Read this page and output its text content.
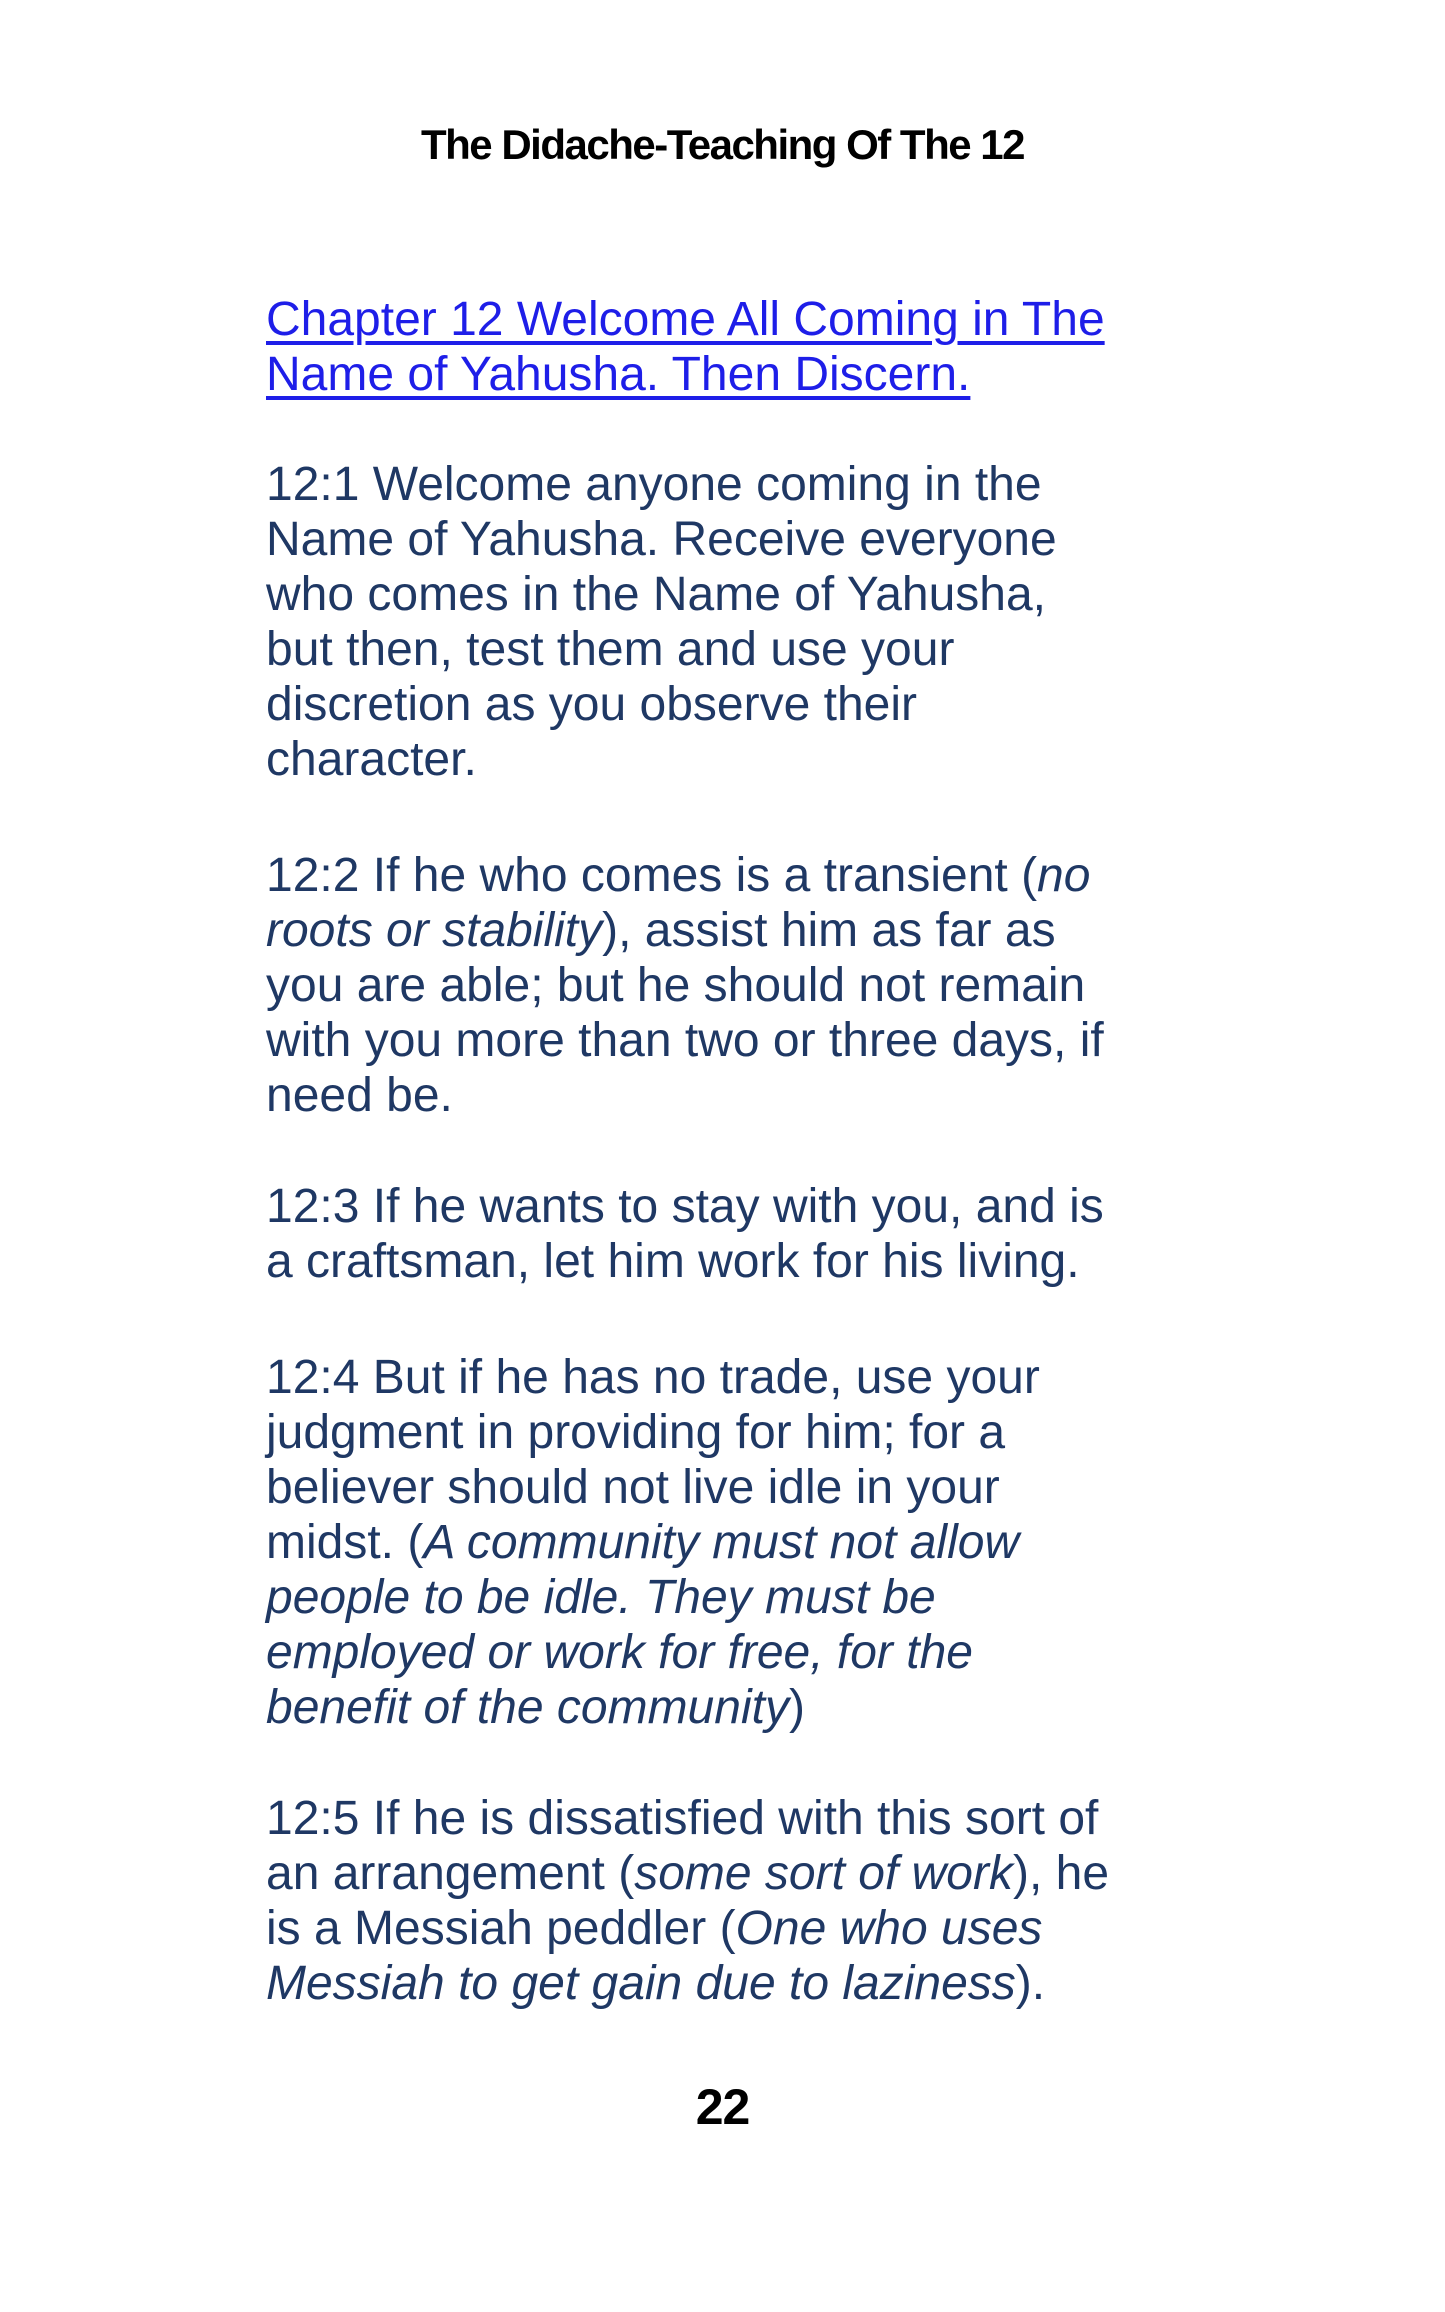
The Didache-Teaching Of The 12
Chapter 12 Welcome All Coming in The Name of Yahusha. Then Discern.
12:1 Welcome anyone coming in the Name of Yahusha. Receive everyone who comes in the Name of Yahusha, but then, test them and use your discretion as you observe their character.
12:2 If he who comes is a transient (no roots or stability), assist him as far as you are able; but he should not remain with you more than two or three days, if need be.
12:3 If he wants to stay with you, and is a craftsman, let him work for his living.
12:4 But if he has no trade, use your judgment in providing for him; for a believer should not live idle in your midst. (A community must not allow people to be idle. They must be employed or work for free, for the benefit of the community)
12:5 If he is dissatisfied with this sort of an arrangement (some sort of work), he is a Messiah peddler (One who uses Messiah to get gain due to laziness).
22
